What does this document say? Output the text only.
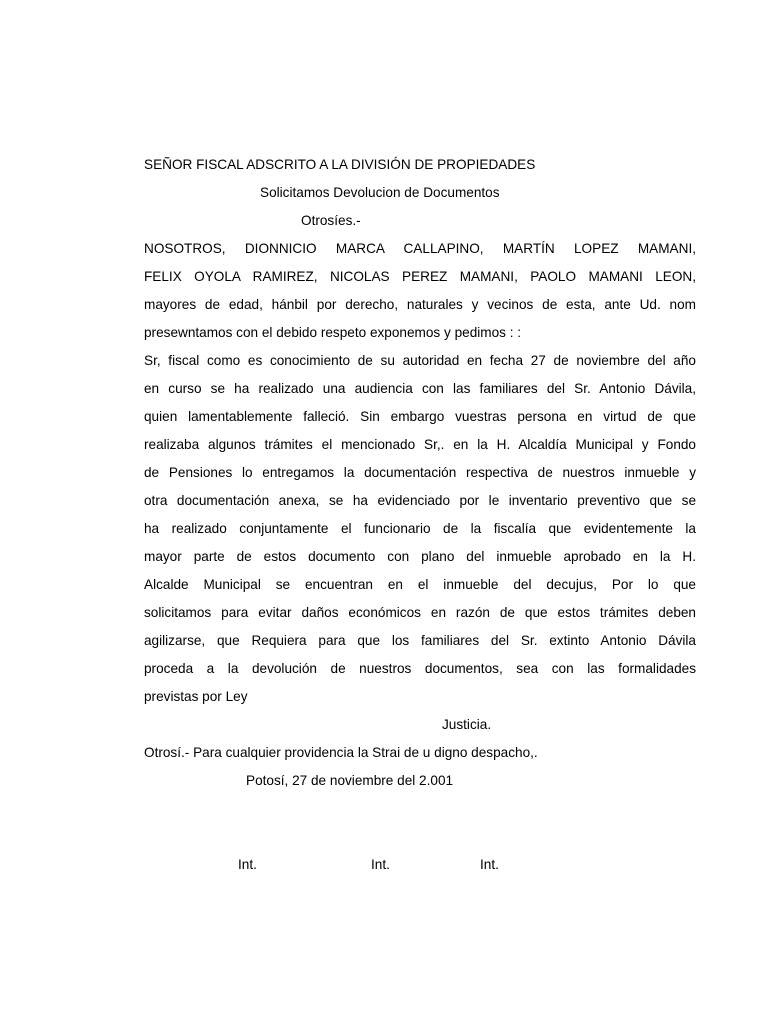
SEÑOR FISCAL ADSCRITO A LA DIVISIÓN DE PROPIEDADES
Solicitamos Devolucion de Documentos
Otrosíes.-
NOSOTROS, DIONNICIO MARCA CALLAPINO, MARTÍN LOPEZ MAMANI,
FELIX OYOLA RAMIREZ, NICOLAS PEREZ MAMANI, PAOLO MAMANI LEON,
mayores de edad, hánbil por derecho, naturales y vecinos de esta, ante Ud. nom
presewntamos con el debido respeto exponemos y pedimos : :
Sr, fiscal como es conocimiento de su autoridad en fecha 27 de noviembre del año
en curso se ha realizado una audiencia con las familiares del Sr. Antonio Dávila,
quien lamentablemente falleció. Sin embargo vuestras persona en virtud de que
realizaba algunos trámites el mencionado Sr,. en la H. Alcaldía Municipal y Fondo
de Pensiones lo entregamos la documentación respectiva de nuestros inmueble y
otra documentación anexa, se ha evidenciado por le inventario preventivo que se
ha realizado conjuntamente el funcionario de la fiscalía que evidentemente la
mayor parte de estos documento con plano del inmueble aprobado en la H.
Alcalde Municipal se encuentran en el inmueble del decujus, Por lo que
solicitamos para evitar daños económicos en razón de que estos trámites deben
agilizarse, que Requiera para que los familiares del Sr. extinto Antonio Dávila
proceda a la devolución de nuestros documentos, sea con las formalidades
previstas por Ley
Justicia.
Otrosí.- Para cualquier providencia la Strai de u digno despacho,.
Potosí, 27 de noviembre del 2.001
Int.	Int.	Int.
